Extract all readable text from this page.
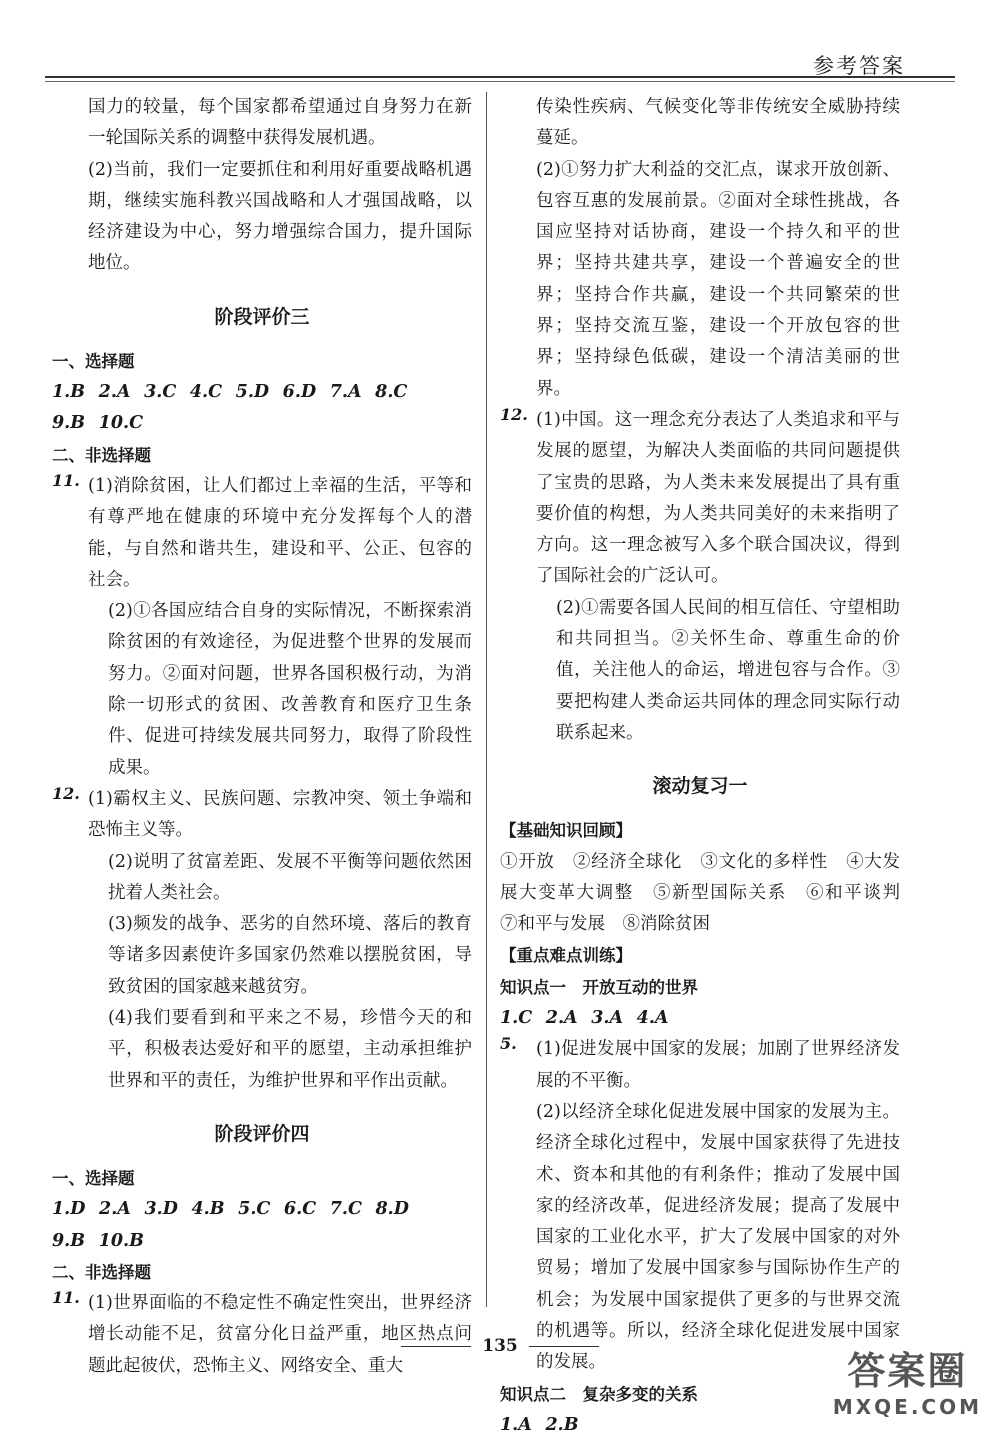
参考答案

国力的较量，每个国家都希望通过自身努力在新一轮国际关系的调整中获得发展机遇。

(2)当前，我们一定要抓住和利用好重要战略机遇期，继续实施科教兴国战略和人才强国战略，以经济建设为中心，努力增强综合国力，提升国际地位。

阶段评价三

一、选择题

1.B 2.A 3.C 4.C 5.D 6.D 7.A 8.C

9.B 10.C

二、非选择题

11. (1)消除贫困，让人们都过上幸福的生活，平等和有尊严地在健康的环境中充分发挥每个人的潜能，与自然和谐共生，建设和平、公正、包容的社会。

(2)①各国应结合自身的实际情况，不断探索消除贫困的有效途径，为促进整个世界的发展而努力。②面对问题，世界各国积极行动，为消除一切形式的贫困、改善教育和医疗卫生条件、促进可持续发展共同努力，取得了阶段性成果。

12. (1)霸权主义、民族问题、宗教冲突、领土争端和恐怖主义等。

(2)说明了贫富差距、发展不平衡等问题依然困扰着人类社会。

(3)频发的战争、恶劣的自然环境、落后的教育等诸多因素使许多国家仍然难以摆脱贫困，导致贫困的国家越来越贫穷。

(4)我们要看到和平来之不易，珍惜今天的和平，积极表达爱好和平的愿望，主动承担维护世界和平的责任，为维护世界和平作出贡献。

阶段评价四

一、选择题

1.D 2.A 3.D 4.B 5.C 6.C 7.C 8.D

9.B 10.B

二、非选择题

11. (1)世界面临的不稳定性不确定性突出，世界经济增长动能不足，贫富分化日益严重，地区热点问题此起彼伏，恐怖主义、网络安全、重大

传染性疾病、气候变化等非传统安全威胁持续蔓延。

(2)①努力扩大利益的交汇点，谋求开放创新、包容互惠的发展前景。②面对全球性挑战，各国应坚持对话协商，建设一个持久和平的世界；坚持共建共享，建设一个普遍安全的世界；坚持合作共赢，建设一个共同繁荣的世界；坚持交流互鉴，建设一个开放包容的世界；坚持绿色低碳，建设一个清洁美丽的世界。

12. (1)中国。这一理念充分表达了人类追求和平与发展的愿望，为解决人类面临的共同问题提供了宝贵的思路，为人类未来发展提出了具有重要价值的构想，为人类共同美好的未来指明了方向。这一理念被写入多个联合国决议，得到了国际社会的广泛认可。

(2)①需要各国人民间的相互信任、守望相助和共同担当。②关怀生命、尊重生命的价值，关注他人的命运，增进包容与合作。③要把构建人类命运共同体的理念同实际行动联系起来。

滚动复习一

【基础知识回顾】

①开放　②经济全球化　③文化的多样性　④大发展大变革大调整　⑤新型国际关系　⑥和平谈判　⑦和平与发展　⑧消除贫困

【重点难点训练】

知识点一　开放互动的世界

1.C 2.A 3.A 4.A

5. (1)促进发展中国家的发展；加剧了世界经济发展的不平衡。

(2)以经济全球化促进发展中国家的发展为主。经济全球化过程中，发展中国家获得了先进技术、资本和其他的有利条件；推动了发展中国家的经济改革，促进经济发展；提高了发展中国家的工业化水平，扩大了发展中国家的对外贸易；增加了发展中国家参与国际协作生产的机会；为发展中国家提供了更多的与世界交流的机遇等。所以，经济全球化促进发展中国家的发展。

知识点二　复杂多变的关系

1.A 2.B

135
答案圈
MXQE.COM
